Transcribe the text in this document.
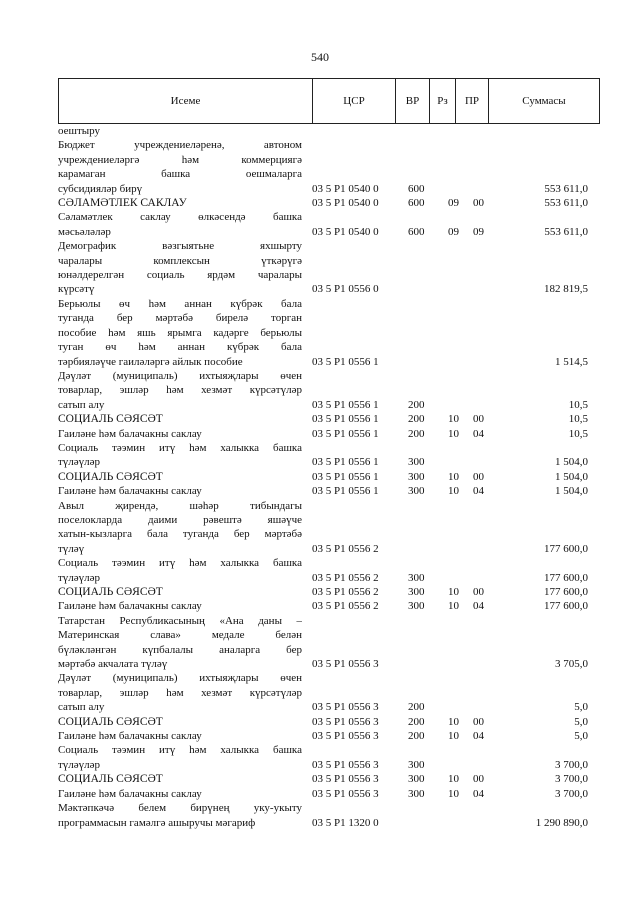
540
Исеме	ЦСР	ВР	Рз	ПР	Суммасы
оештыру
Бюджет учреждениеләренә, автоном
учреждениеләргә һәм коммерциягә
карамаган башка оешмаларга
субсидияләр бирү	03 5 Р1 0540 0	600	553 611,0
СӘЛАМӘТЛЕК САКЛАУ	03 5 Р1 0540 0	600 09 00	553 611,0
Сәламәтлек саклау өлкәсендә башка
мәсьәләләр	03 5 Р1 0540 0	600 09 09	553 611,0
Демографик вәзгыятьне яхшырту
чаралары комплексын үткәрүгә
юнәлдерелгән социаль ярдәм чаралары
күрсәтү	03 5 Р1 0556 0	182 819,5
Берьюлы өч һәм аннан күбрәк бала
туганда бер мәртәбә бирелә торган
пособие һәм яшь ярымга кадәрге берьюлы
туган өч һәм аннан күбрәк бала
тәрбияләүче гаиләләргә айлык пособие	03 5 Р1 0556 1	1 514,5
Дәүләт (муниципаль) ихтыяҗлары өчен
товарлар, эшләр һәм хезмәт күрсәтүләр
сатып алу	03 5 Р1 0556 1	200	10,5
СОЦИАЛЬ СӘЯСӘТ	03 5 Р1 0556 1	200 10 00	10,5
Гаиләне һәм балачакны саклау	03 5 Р1 0556 1	200 10 04	10,5
Социаль тәэмин итү һәм халыкка башка
түләүләр	03 5 Р1 0556 1	300	1 504,0
СОЦИАЛЬ СӘЯСӘТ	03 5 Р1 0556 1	300 10 00	1 504,0
Гаиләне һәм балачакны саклау	03 5 Р1 0556 1	300 10 04	1 504,0
Авыл җирендә, шәһәр тибындагы
поселокларда даими рәвештә яшәүче
хатын-кызларга бала туганда бер мәртәбә
түләү	03 5 Р1 0556 2	177 600,0
Социаль тәэмин итү һәм халыкка башка
түләүләр	03 5 Р1 0556 2	300	177 600,0
СОЦИАЛЬ СӘЯСӘТ	03 5 Р1 0556 2	300 10 00	177 600,0
Гаиләне һәм балачакны саклау	03 5 Р1 0556 2	300 10 04	177 600,0
Татарстан Республикасының «Ана даны –
Материнская слава» медале белән
бүләкләнгән күпбалалы аналарга бер
мәртәбә акчалата түләү	03 5 Р1 0556 3	3 705,0
Дәүләт (муниципаль) ихтыяҗлары өчен
товарлар, эшләр һәм хезмәт күрсәтүләр
сатып алу	03 5 Р1 0556 3	200	5,0
СОЦИАЛЬ СӘЯСӘТ	03 5 Р1 0556 3	200 10 00	5,0
Гаиләне һәм балачакны саклау	03 5 Р1 0556 3	200 10 04	5,0
Социаль тәэмин итү һәм халыкка башка
түләүләр	03 5 Р1 0556 3	300	3 700,0
СОЦИАЛЬ СӘЯСӘТ	03 5 Р1 0556 3	300 10 00	3 700,0
Гаиләне һәм балачакны саклау	03 5 Р1 0556 3	300 10 04	3 700,0
Мәктәпкәчә белем бирүнең уку-укыту
программасын гамәлгә ашыручы мәгариф	03 5 Р1 1320 0	1 290 890,0
